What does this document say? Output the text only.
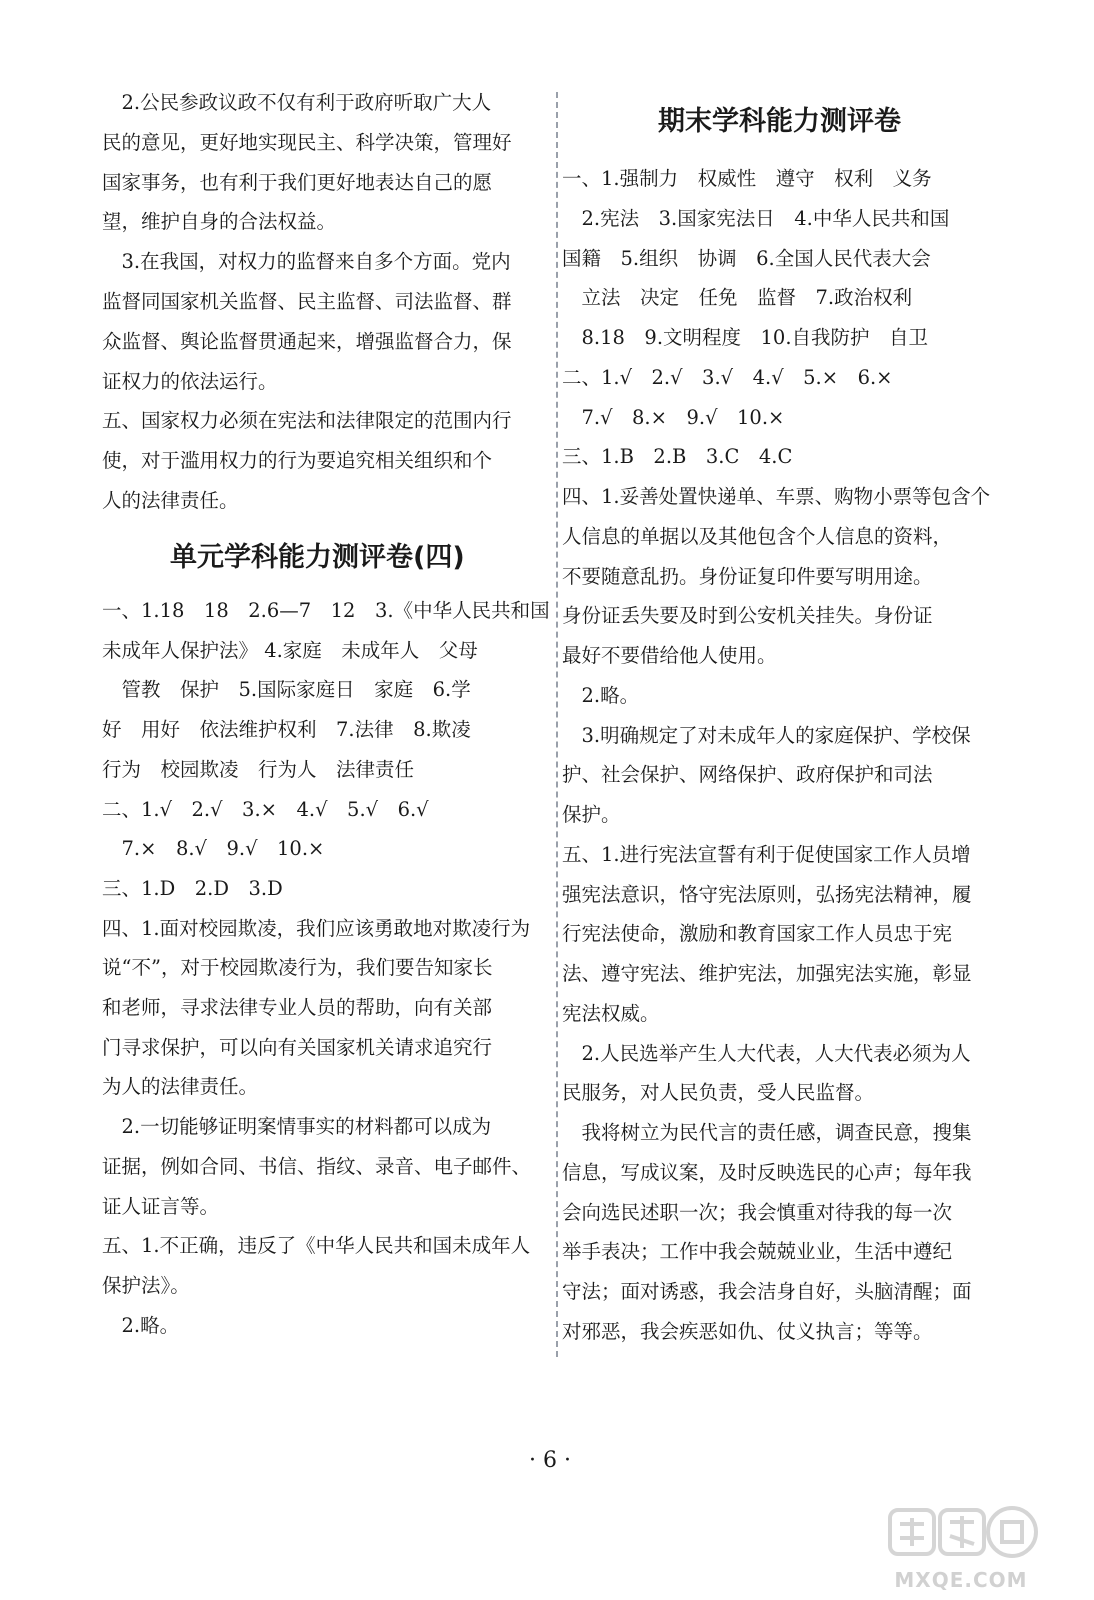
　2.公民参政议政不仅有利于政府听取广大人
民的意见，更好地实现民主、科学决策，管理好
国家事务，也有利于我们更好地表达自己的愿
望，维护自身的合法权益。
　3.在我国，对权力的监督来自多个方面。党内
监督同国家机关监督、民主监督、司法监督、群
众监督、舆论监督贯通起来，增强监督合力，保
证权力的依法运行。
五、国家权力必须在宪法和法律限定的范围内行
使，对于滥用权力的行为要追究相关组织和个
人的法律责任。
单元学科能力测评卷(四)
一、1.18　18　2.6—7　12　3.《中华人民共和国
未成年人保护法》 4.家庭　未成年人　父母
　管教　保护　5.国际家庭日　家庭　6.学
好　用好　依法维护权利　7.法律　8.欺凌
行为　校园欺凌　行为人　法律责任
二、1.√　2.√　3.×　4.√　5.√　6.√
　7.×　8.√　9.√　10.×
三、1.D　2.D　3.D
四、1.面对校园欺凌，我们应该勇敢地对欺凌行为
说“不”，对于校园欺凌行为，我们要告知家长
和老师，寻求法律专业人员的帮助，向有关部
门寻求保护，可以向有关国家机关请求追究行
为人的法律责任。
　2.一切能够证明案情事实的材料都可以成为
证据，例如合同、书信、指纹、录音、电子邮件、
证人证言等。
五、1.不正确，违反了《中华人民共和国未成年人
保护法》。
　2.略。
期末学科能力测评卷
一、1.强制力　权威性　遵守　权利　义务
　2.宪法　3.国家宪法日　4.中华人民共和国
国籍　5.组织　协调　6.全国人民代表大会
　立法　决定　任免　监督　7.政治权利
　8.18　9.文明程度　10.自我防护　自卫
二、1.√　2.√　3.√　4.√　5.×　6.×
　7.√　8.×　9.√　10.×
三、1.B　2.B　3.C　4.C
四、1.妥善处置快递单、车票、购物小票等包含个
人信息的单据以及其他包含个人信息的资料，
不要随意乱扔。身份证复印件要写明用途。
身份证丢失要及时到公安机关挂失。身份证
最好不要借给他人使用。
　2.略。
　3.明确规定了对未成年人的家庭保护、学校保
护、社会保护、网络保护、政府保护和司法
保护。
五、1.进行宪法宣誓有利于促使国家工作人员增
强宪法意识，恪守宪法原则，弘扬宪法精神，履
行宪法使命，激励和教育国家工作人员忠于宪
法、遵守宪法、维护宪法，加强宪法实施，彰显
宪法权威。
　2.人民选举产生人大代表，人大代表必须为人
民服务，对人民负责，受人民监督。
　我将树立为民代言的责任感，调查民意，搜集
信息，写成议案，及时反映选民的心声；每年我
会向选民述职一次；我会慎重对待我的每一次
举手表决；工作中我会兢兢业业，生活中遵纪
守法；面对诱惑，我会洁身自好，头脑清醒；面
对邪恶，我会疾恶如仇、仗义执言；等等。
· 6 ·
MXQE.COM
